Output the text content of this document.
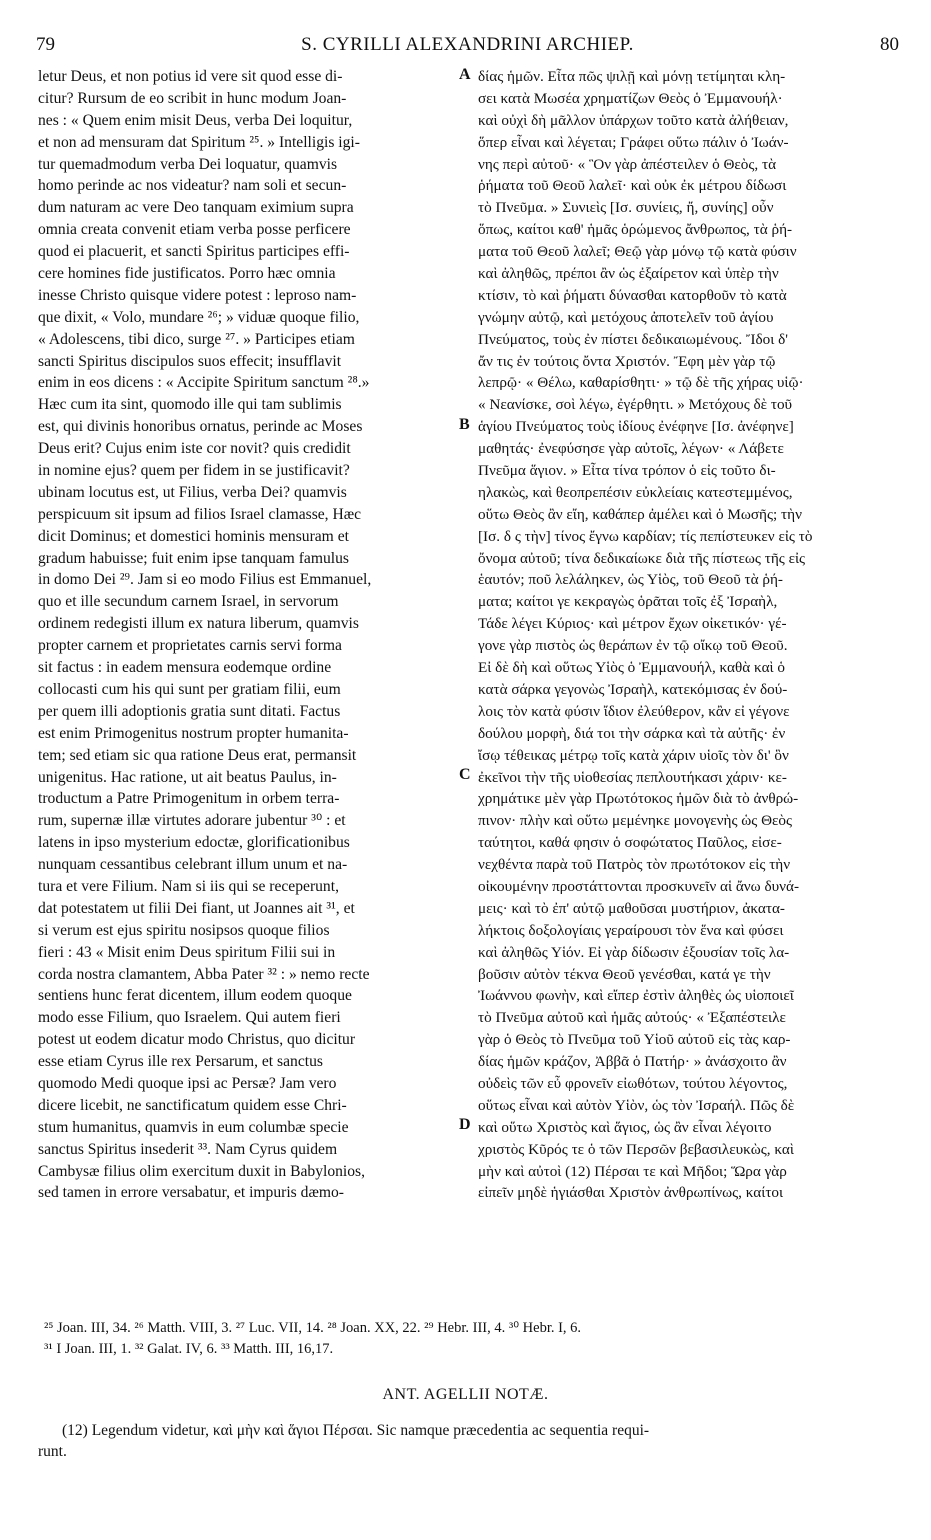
79	S. CYRILLI ALEXANDRINI ARCHIEP.	80
letur Deus, et non potius id vere sit quod esse di-
citur? Rursum de eo scribit in hunc modum Joan-
nes : « Quem enim misit Deus, verba Dei loquitur,
et non ad mensuram dat Spiritum ²⁵. » Intelligis igi-
tur quemadmodum verba Dei loquatur, quamvis
homo perinde ac nos videatur? nam soli et secun-
dum naturam ac vere Deo tanquam eximium supra
omnia creata convenit etiam verba posse perficere
quod ei placuerit, et sancti Spiritus participes effi-
cere homines fide justificatos. Porro hæc omnia
inesse Christo quisque videre potest : leproso nam-
que dixit, « Volo, mundare ²⁶; » viduæ quoque filio,
« Adolescens, tibi dico, surge ²⁷. » Participes etiam
sancti Spiritus discipulos suos effecit; insufflavit
enim in eos dicens : « Accipite Spiritum sanctum ²⁸.»
Hæc cum ita sint, quomodo ille qui tam sublimis
est, qui divinis honoribus ornatus, perinde ac Moses
Deus erit? Cujus enim iste cor novit? quis credidit
in nomine ejus? quem per fidem in se justificavit?
ubinam locutus est, ut Filius, verba Dei? quamvis
perspicuum sit ipsum ad filios Israel clamasse, Hæc
dicit Dominus; et domestici hominis mensuram et
gradum habuisse; fuit enim ipse tanquam famulus
in domo Dei ²⁹. Jam si eo modo Filius est Emmanuel,
quo et ille secundum carnem Israel, in servorum
ordinem redegisti illum ex natura liberum, quamvis
propter carnem et proprietates carnis servi forma
sit factus : in eadem mensura eodemque ordine
collocasti cum his qui sunt per gratiam filii, eum
per quem illi adoptionis gratia sunt ditati. Factus
est enim Primogenitus nostrum propter humanita-
tem; sed etiam sic qua ratione Deus erat, permansit
unigenitus. Hac ratione, ut ait beatus Paulus, in-
troductum a Patre Primogenitum in orbem terra-
rum, supernæ illæ virtutes adorare jubentur ³⁰ : et
latens in ipso mysterium edoctæ, glorificationibus
nunquam cessantibus celebrant illum unum et na-
tura et vere Filium. Nam si iis qui se receperunt,
dat potestatem ut filii Dei fiant, ut Joannes ait ³¹, et
si verum est ejus spiritu nosipsos quoque filios
fieri : 43 « Misit enim Deus spiritum Filii sui in
corda nostra clamantem, Abba Pater ³² : » nemo recte
sentiens hunc ferat dicentem, illum eodem quoque
modo esse Filium, quo Israelem. Qui autem fieri
potest ut eodem dicatur modo Christus, quo dicitur
esse etiam Cyrus ille rex Persarum, et sanctus
quomodo Medi quoque ipsi ac Persæ? Jam vero
dicere licebit, ne sanctificatum quidem esse Chri-
stum humanitus, quamvis in eum columbæ specie
sanctus Spiritus insederit ³³. Nam Cyrus quidem
Cambysæ filius olim exercitum duxit in Babylonios,
sed tamen in errore versabatur, et impuris dæmo-
δίας ἡμῶν. Εἶτα πῶς ψιλῇ καὶ μόνῃ τετίμηται κλη-
σει κατὰ Μωσέα χρηματίζων Θεὸς ὁ Ἐμμανουήλ·
καὶ οὐχὶ δὴ μᾶλλον ὑπάρχων τοῦτο κατὰ ἀλήθειαν,
ὅπερ εἶναι καὶ λέγεται; Γράφει οὕτω πάλιν ὁ Ἰωάν-
νης περὶ αὐτοῦ· « Ὃν γὰρ ἀπέστειλεν ὁ Θεὸς, τὰ
ῥήματα τοῦ Θεοῦ λαλεῖ· καὶ οὐκ ἐκ μέτρου δίδωσι
τὸ Πνεῦμα. » Συνιεὶς [Ισ. συνίεις, ἤ, συνίης] οὖν
ὅπως, καίτοι καθ' ἡμᾶς ὁρώμενος ἄνθρωπος, τὰ ῥή-
ματα τοῦ Θεοῦ λαλεῖ; Θεῷ γὰρ μόνῳ τῷ κατὰ φύσιν
καὶ ἀληθῶς, πρέποι ἂν ὡς ἐξαίρετον καὶ ὑπὲρ τὴν
κτίσιν, τὸ καὶ ῥήματι δύνασθαι κατορθοῦν τὸ κατὰ
γνώμην αὐτῷ, καὶ μετόχους ἀποτελεῖν τοῦ ἁγίου
Πνεύματος, τοὺς ἐν πίστει δεδικαιωμένους. Ἴδοι δ'
ἄν τις ἐν τούτοις ὄντα Χριστόν. Ἔφη μὲν γὰρ τῷ
λεπρῷ· « Θέλω, καθαρίσθητι· » τῷ δὲ τῆς χήρας υἱῷ·
« Νεανίσκε, σοὶ λέγω, ἐγέρθητι. » Μετόχους δὲ τοῦ
ἁγίου Πνεύματος τοὺς ἰδίους ἐνέφηνε [Ισ. ἀνέφηνε]
μαθητάς· ἐνεφύσησε γὰρ αὐτοῖς, λέγων· « Λάβετε
Πνεῦμα ἅγιον. » Εἶτα τίνα τρόπον ὁ εἰς τοῦτο δι-
ηλακὼς, καὶ θεοπρεπέσιν εὐκλείαις κατεστεμμένος,
οὕτω Θεὸς ἂν εἴη, καθάπερ ἀμέλει καὶ ὁ Μωσῆς; τὴν
[Ισ. δ ς τὴν] τίνος ἔγνω καρδίαν; τίς πεπίστευκεν εἰς τὸ
ὄνομα αὐτοῦ; τίνα δεδικαίωκε διὰ τῆς πίστεως τῆς εἰς
ἑαυτόν; ποῦ λελάληκεν, ὡς Υἱὸς, τοῦ Θεοῦ τὰ ῥή-
ματα; καίτοι γε κεκραγὼς ὁρᾶται τοῖς ἐξ Ἰσραὴλ,
Τάδε λέγει Κύριος· καὶ μέτρον ἔχων οἰκετικόν· γέ-
γονε γὰρ πιστὸς ὡς θεράπων ἐν τῷ οἴκῳ τοῦ Θεοῦ.
Εἰ δὲ δὴ καὶ οὕτως Υἱὸς ὁ Ἐμμανουήλ, καθὰ καὶ ὁ
κατὰ σάρκα γεγονὼς Ἰσραὴλ, κατεκόμισας ἐν δού-
λοις τὸν κατὰ φύσιν ἴδιον ἐλεύθερον, κἂν εἰ γέγονε
δούλου μορφὴ, διά τοι τὴν σάρκα καὶ τὰ αὐτῆς· ἐν
ἴσῳ τέθεικας μέτρῳ τοῖς κατὰ χάριν υἱοῖς τὸν δι' ὃν
ἐκεῖνοι τὴν τῆς υἱοθεσίας πεπλουτήκασι χάριν· κε-
χρημάτικε μὲν γὰρ Πρωτότοκος ἡμῶν διὰ τὸ ἀνθρώ-
πινον· πλὴν καὶ οὕτω μεμένηκε μονογενὴς ὡς Θεὸς
ταύτητοι, καθά φησιν ὁ σοφώτατος Παῦλος, εἰσε-
νεχθέντα παρὰ τοῦ Πατρὸς τὸν πρωτότοκον εἰς τὴν
οἰκουμένην προστάττονται προσκυνεῖν αἱ ἄνω δυνά-
μεις· καὶ τὸ ἐπ' αὐτῷ μαθοῦσαι μυστήριον, ἀκατα-
λήκτοις δοξολογίαις γεραίρουσι τὸν ἕνα καὶ φύσει
καὶ ἀληθῶς Υἱόν. Εἰ γὰρ δίδωσιν ἐξουσίαν τοῖς λα-
βοῦσιν αὐτὸν τέκνα Θεοῦ γενέσθαι, κατά γε τὴν
Ἰωάννου φωνὴν, καὶ εἴπερ ἐστὶν ἀληθὲς ὡς υἱοποιεῖ
τὸ Πνεῦμα αὐτοῦ καὶ ἡμᾶς αὐτούς· « Ἐξαπέστειλε
γὰρ ὁ Θεὸς τὸ Πνεῦμα τοῦ Υἱοῦ αὐτοῦ εἰς τὰς καρ-
δίας ἡμῶν κράζον, Ἀββᾶ ὁ Πατήρ· » ἀνάσχοιτο ἂν
οὐδεὶς τῶν εὖ φρονεῖν εἰωθότων, τούτου λέγοντος,
οὕτως εἶναι καὶ αὐτὸν Υἱὸν, ὡς τὸν Ἰσραήλ. Πῶς δὲ
καὶ οὕτω Χριστὸς καὶ ἅγιος, ὡς ἂν εἶναι λέγοιτο
χριστὸς Κῦρός τε ὁ τῶν Περσῶν βεβασιλευκὼς, καὶ
μὴν καὶ αὐτοὶ (12) Πέρσαι τε καὶ Μῆδοι; Ὥρα γὰρ
εἰπεῖν μηδὲ ἡγιάσθαι Χριστὸν ἀνθρωπίνως, καίτοι
A
B
C
D
²⁵ Joan. III, 34. ²⁶ Matth. VIII, 3. ²⁷ Luc. VII, 14. ²⁸ Joan. XX, 22. ²⁹ Hebr. III, 4. ³⁰ Hebr. I, 6.
³¹ I Joan. III, 1. ³² Galat. IV, 6. ³³ Matth. III, 16,17.
ANT. AGELLII NOTÆ.
(12) Legendum videtur, καὶ μὴν καὶ ἅγιοι Πέρσαι. Sic namque præcedentia ac sequentia requi-
runt.
